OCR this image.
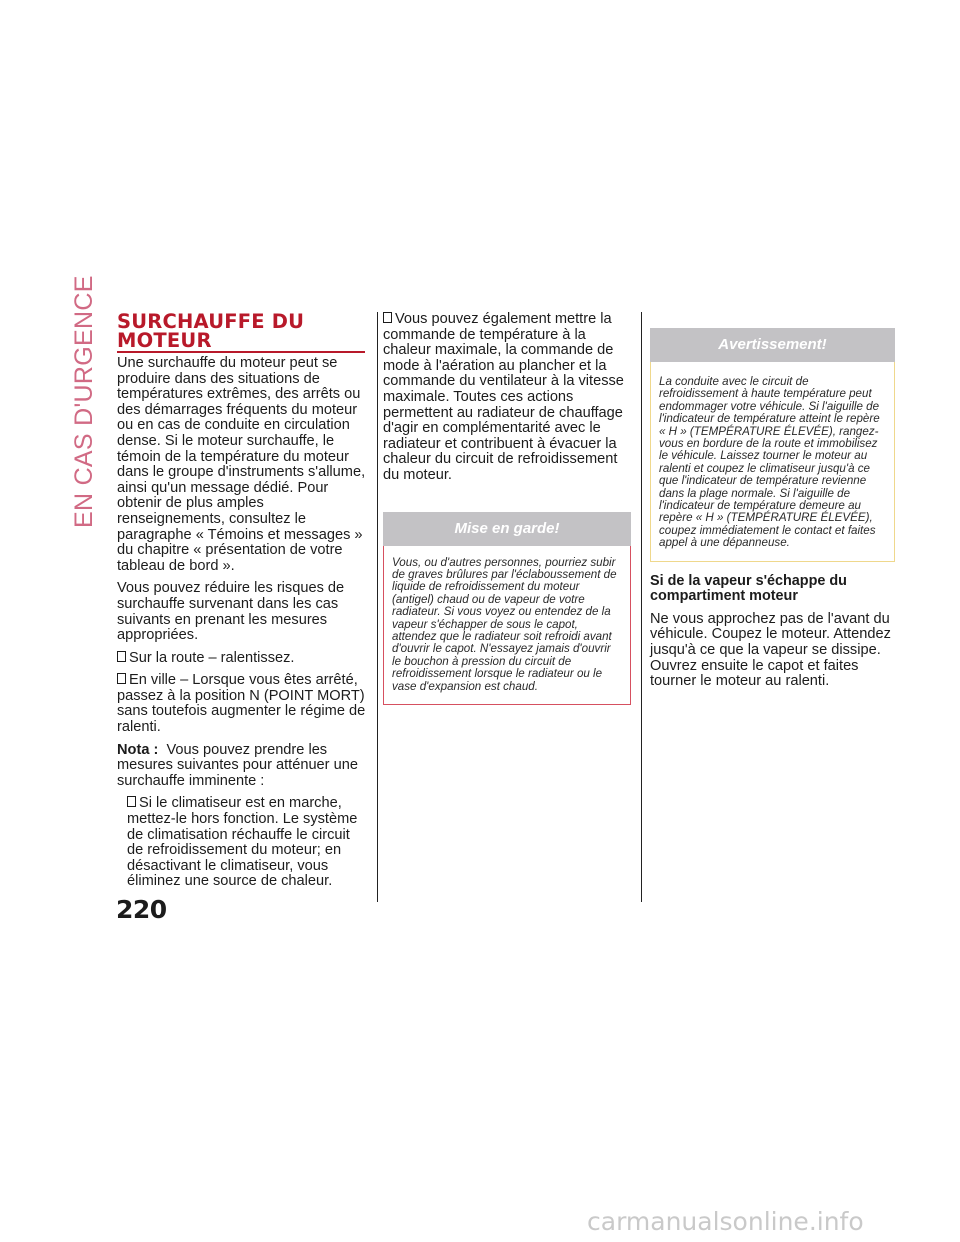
EN CAS D'URGENCE SURCHAUFFE DU
MOTEUR

Une surchauffe du moteur peut se produire dans des situations de températures extrêmes, des arrêts ou des démarrages fréquents du moteur ou en cas de conduite en circulation dense. Si le moteur surchauffe, le témoin de la température du moteur dans le groupe d'instruments s'allume, ainsi qu'un message dédié. Pour obtenir de plus amples renseignements, consultez le paragraphe « Témoins et messages » du chapitre « présentation de votre tableau de bord ».

Vous pouvez réduire les risques de surchauffe survenant dans les cas suivants en prenant les mesures appropriées.

Sur la route – ralentissez.

En ville – Lorsque vous êtes arrêté, passez à la position N (POINT MORT) sans toutefois augmenter le régime de ralenti.

Nota : Vous pouvez prendre les mesures suivantes pour atténuer une surchauffe imminente :

Si le climatiseur est en marche, mettez-le hors fonction. Le système de climatisation réchauffe le circuit de refroidissement du moteur; en désactivant le climatiseur, vous éliminez une source de chaleur.

Vous pouvez également mettre la commande de température à la chaleur maximale, la commande de mode à l'aération au plancher et la commande du ventilateur à la vitesse maximale. Toutes ces actions permettent au radiateur de chauffage d'agir en complémentarité avec le radiateur et contribuent à évacuer la chaleur du circuit de refroidissement du moteur.

Mise en garde!
Vous, ou d'autres personnes, pourriez subir de graves brûlures par l'éclaboussement de liquide de refroidissement du moteur (antigel) chaud ou de vapeur de votre radiateur. Si vous voyez ou entendez de la vapeur s'échapper de sous le capot, attendez que le radiateur soit refroidi avant d'ouvrir le capot. N'essayez jamais d'ouvrir le bouchon à pression du circuit de refroidissement lorsque le radiateur ou le vase d'expansion est chaud.
Avertissement!
La conduite avec le circuit de refroidissement à haute température peut endommager votre véhicule. Si l'aiguille de l'indicateur de température atteint le repère « H » (TEMPÉRATURE ÉLEVÉE), rangez-vous en bordure de la route et immobilisez le véhicule. Laissez tourner le moteur au ralenti et coupez le climatiseur jusqu'à ce que l'indicateur de température revienne dans la plage normale. Si l'aiguille de l'indicateur de température demeure au repère « H » (TEMPÉRATURE ÉLEVÉE), coupez immédiatement le contact et faites appel à une dépanneuse.
Si de la vapeur s'échappe du compartiment moteur

Ne vous approchez pas de l'avant du véhicule. Coupez le moteur. Attendez jusqu'à ce que la vapeur se dissipe. Ouvrez ensuite le capot et faites tourner le moteur au ralenti.

220
carmanualsonline.info
